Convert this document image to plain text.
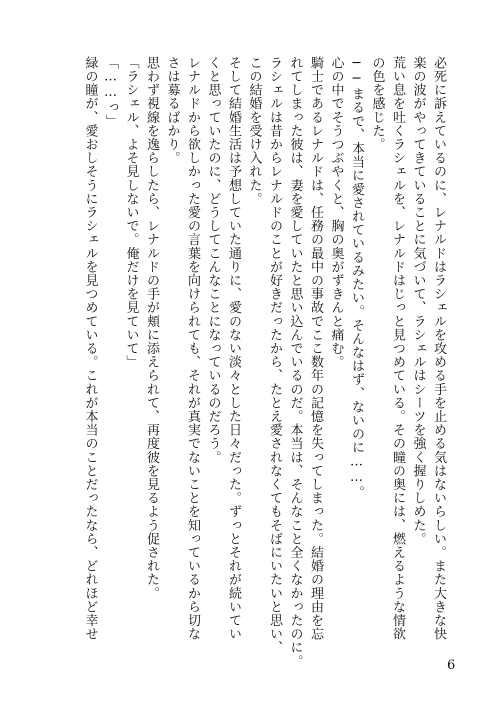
必死に訴えているのに、レナルドはラシェルを攻める手を止める気はないらしい。また大きな快
楽の波がやってきていることに気づいて、ラシェルはシーツを強く握りしめた。
荒い息を吐くラシェルを、レナルドはじっと見つめている。その瞳の奥には、燃えるような情欲
の色を感じた。
──まるで、本当に愛されているみたい。そんなはず、ないのに……。
心の中でそうつぶやくと、胸の奥がずきんと痛む。
騎士であるレナルドは、任務の最中の事故でここ数年の記憶を失ってしまった。結婚の理由を忘
れてしまった彼は、妻を愛していたと思い込んでいるのだ。本当は、そんなこと全くなかったのに。
ラシェルは昔からレナルドのことが好きだったから、たとえ愛されなくてもそばにいたいと思い、
この結婚を受け入れた。
そして結婚生活は予想していた通りに、愛のない淡々とした日々だった。ずっとそれが続いてい
くと思っていたのに、どうしてこんなことになっているのだろう。
レナルドから欲しかった愛の言葉を向けられても、それが真実でないことを知っているから切な
さは募るばかり。
思わず視線を逸らしたら、レナルドの手が頬に添えられて、再度彼を見るよう促された。
「ラシェル、よそ見しないで。俺だけを見ていて」
「……っ」
緑の瞳が、愛おしそうにラシェルを見つめている。これが本当のことだったなら、どれほど幸せ
6
